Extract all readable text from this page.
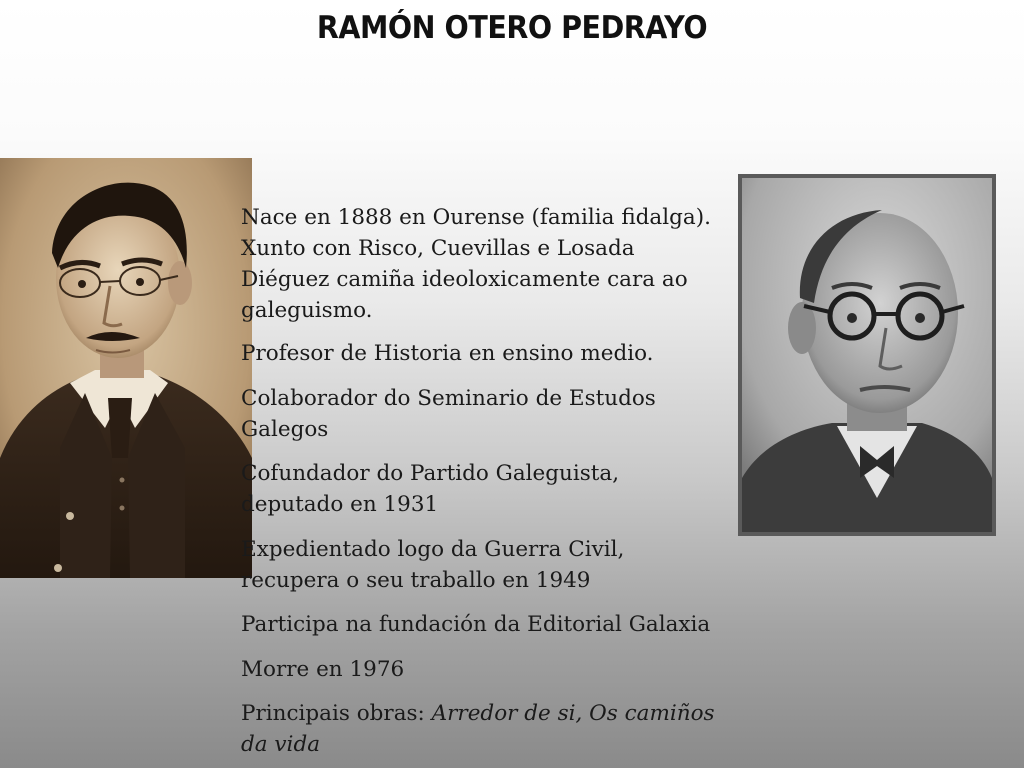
RAMÓN OTERO PEDRAYO
Nace en 1888 en Ourense (familia fidalga).
Xunto con Risco, Cuevillas e Losada
Diéguez camiña ideoloxicamente cara ao
galeguismo.
Profesor de Historia en ensino medio.
Colaborador do Seminario de Estudos
Galegos
Cofundador do Partido Galeguista,
deputado en 1931
Expedientado logo da Guerra Civil,
recupera o seu traballo en 1949
Participa na fundación da Editorial Galaxia
Morre en 1976
Principais obras: Arredor de si, Os camiños
da vida
